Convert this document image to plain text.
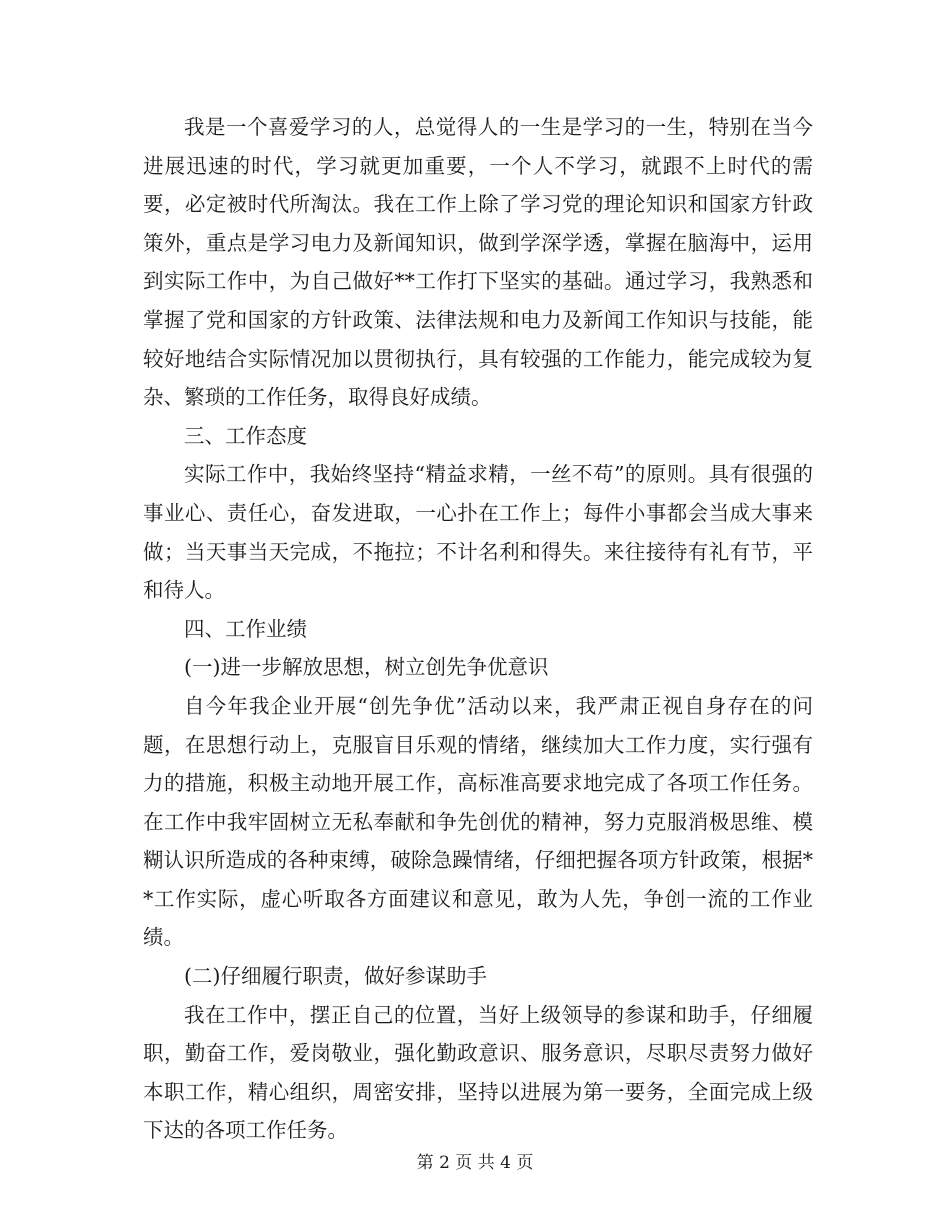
我是一个喜爱学习的人，总觉得人的一生是学习的一生，特别在当今进展迅速的时代，学习就更加重要，一个人不学习，就跟不上时代的需要，必定被时代所淘汰。我在工作上除了学习党的理论知识和国家方针政策外，重点是学习电力及新闻知识，做到学深学透，掌握在脑海中，运用到实际工作中，为自己做好**工作打下坚实的基础。通过学习，我熟悉和掌握了党和国家的方针政策、法律法规和电力及新闻工作知识与技能，能较好地结合实际情况加以贯彻执行，具有较强的工作能力，能完成较为复杂、繁琐的工作任务，取得良好成绩。

三、工作态度

实际工作中，我始终坚持“精益求精，一丝不苟”的原则。具有很强的事业心、责任心，奋发进取，一心扑在工作上；每件小事都会当成大事来做；当天事当天完成，不拖拉；不计名利和得失。来往接待有礼有节，平和待人。

四、工作业绩

(一)进一步解放思想，树立创先争优意识

自今年我企业开展“创先争优”活动以来，我严肃正视自身存在的问题，在思想行动上，克服盲目乐观的情绪，继续加大工作力度，实行强有力的措施，积极主动地开展工作，高标准高要求地完成了各项工作任务。在工作中我牢固树立无私奉献和争先创优的精神，努力克服消极思维、模糊认识所造成的各种束缚，破除急躁情绪，仔细把握各项方针政策，根据**工作实际，虚心听取各方面建议和意见，敢为人先，争创一流的工作业绩。

(二)仔细履行职责，做好参谋助手

我在工作中，摆正自己的位置，当好上级领导的参谋和助手，仔细履职，勤奋工作，爱岗敬业，强化勤政意识、服务意识，尽职尽责努力做好本职工作，精心组织，周密安排，坚持以进展为第一要务，全面完成上级下达的各项工作任务。

第 2 页 共 4 页
